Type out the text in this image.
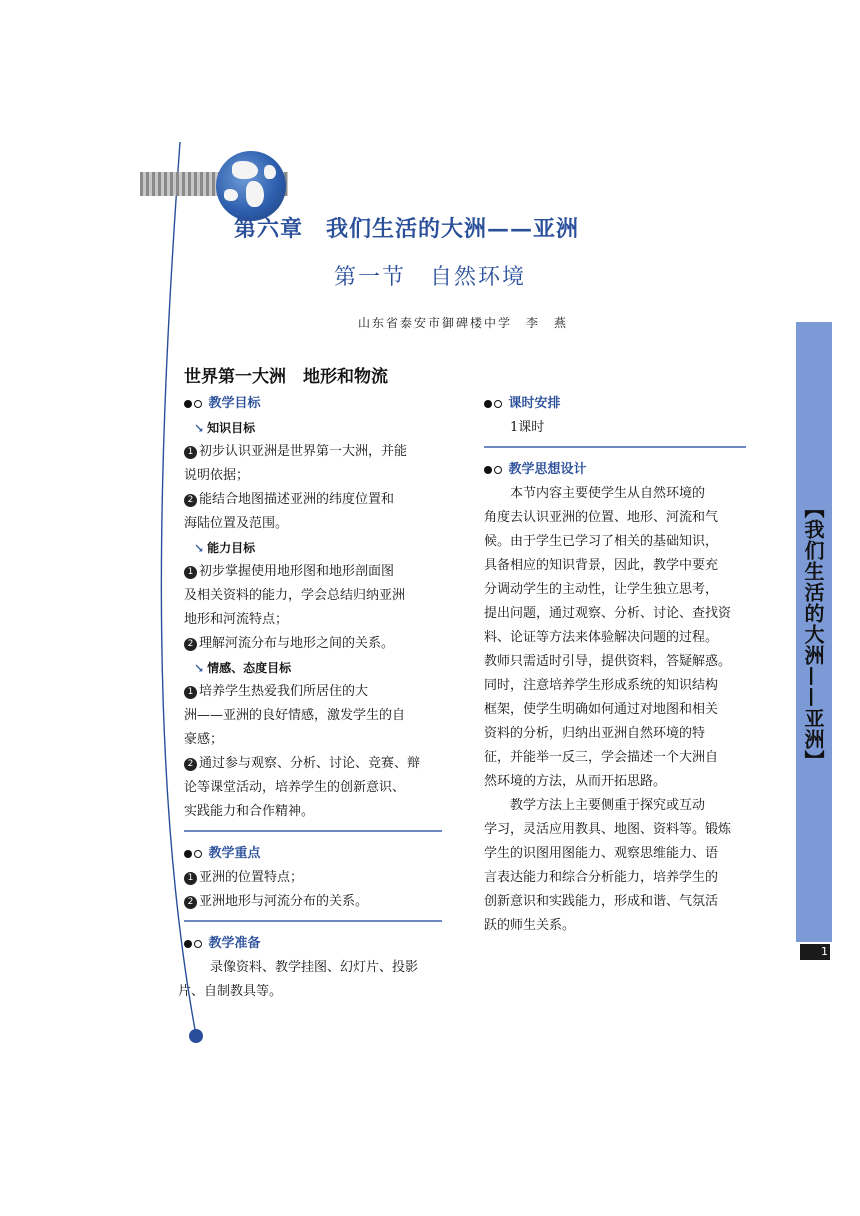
第六章　我们生活的大洲——亚洲
第一节　自然环境
山东省泰安市御碑楼中学　李　燕
世界第一大洲　地形和物流
教学目标
↘ 知识目标

1 初步认识亚洲是世界第一大洲，并能

说明依据；

2 能结合地图描述亚洲的纬度位置和

海陆位置及范围。

↘ 能力目标

1 初步掌握使用地形图和地形剖面图

及相关资料的能力，学会总结归纳亚洲

地形和河流特点；

2 理解河流分布与地形之间的关系。

↘ 情感、态度目标

1 培养学生热爱我们所居住的大

洲——亚洲的良好情感，激发学生的自

豪感；

2 通过参与观察、分析、讨论、竞赛、辩

论等课堂活动，培养学生的创新意识、

实践能力和合作精神。

教学重点

1 亚洲的位置特点；

2 亚洲地形与河流分布的关系。

教学准备

录像资料、教学挂图、幻灯片、投影

片、自制教具等。

课时安排

1课时

教学思想设计

本节内容主要使学生从自然环境的

角度去认识亚洲的位置、地形、河流和气

候。由于学生已学习了相关的基础知识，

具备相应的知识背景，因此，教学中要充

分调动学生的主动性，让学生独立思考，

提出问题，通过观察、分析、讨论、查找资

料、论证等方法来体验解决问题的过程。

教师只需适时引导，提供资料，答疑解惑。

同时，注意培养学生形成系统的知识结构

框架，使学生明确如何通过对地图和相关

资料的分析，归纳出亚洲自然环境的特

征，并能举一反三，学会描述一个大洲自

然环境的方法，从而开拓思路。

教学方法上主要侧重于探究或互动

学习，灵活应用教具、地图、资料等。锻炼

学生的识图用图能力、观察思维能力、语

言表达能力和综合分析能力，培养学生的

创新意识和实践能力，形成和谐、气氛活

跃的师生关系。

【我们生活的大洲——亚洲】
1
